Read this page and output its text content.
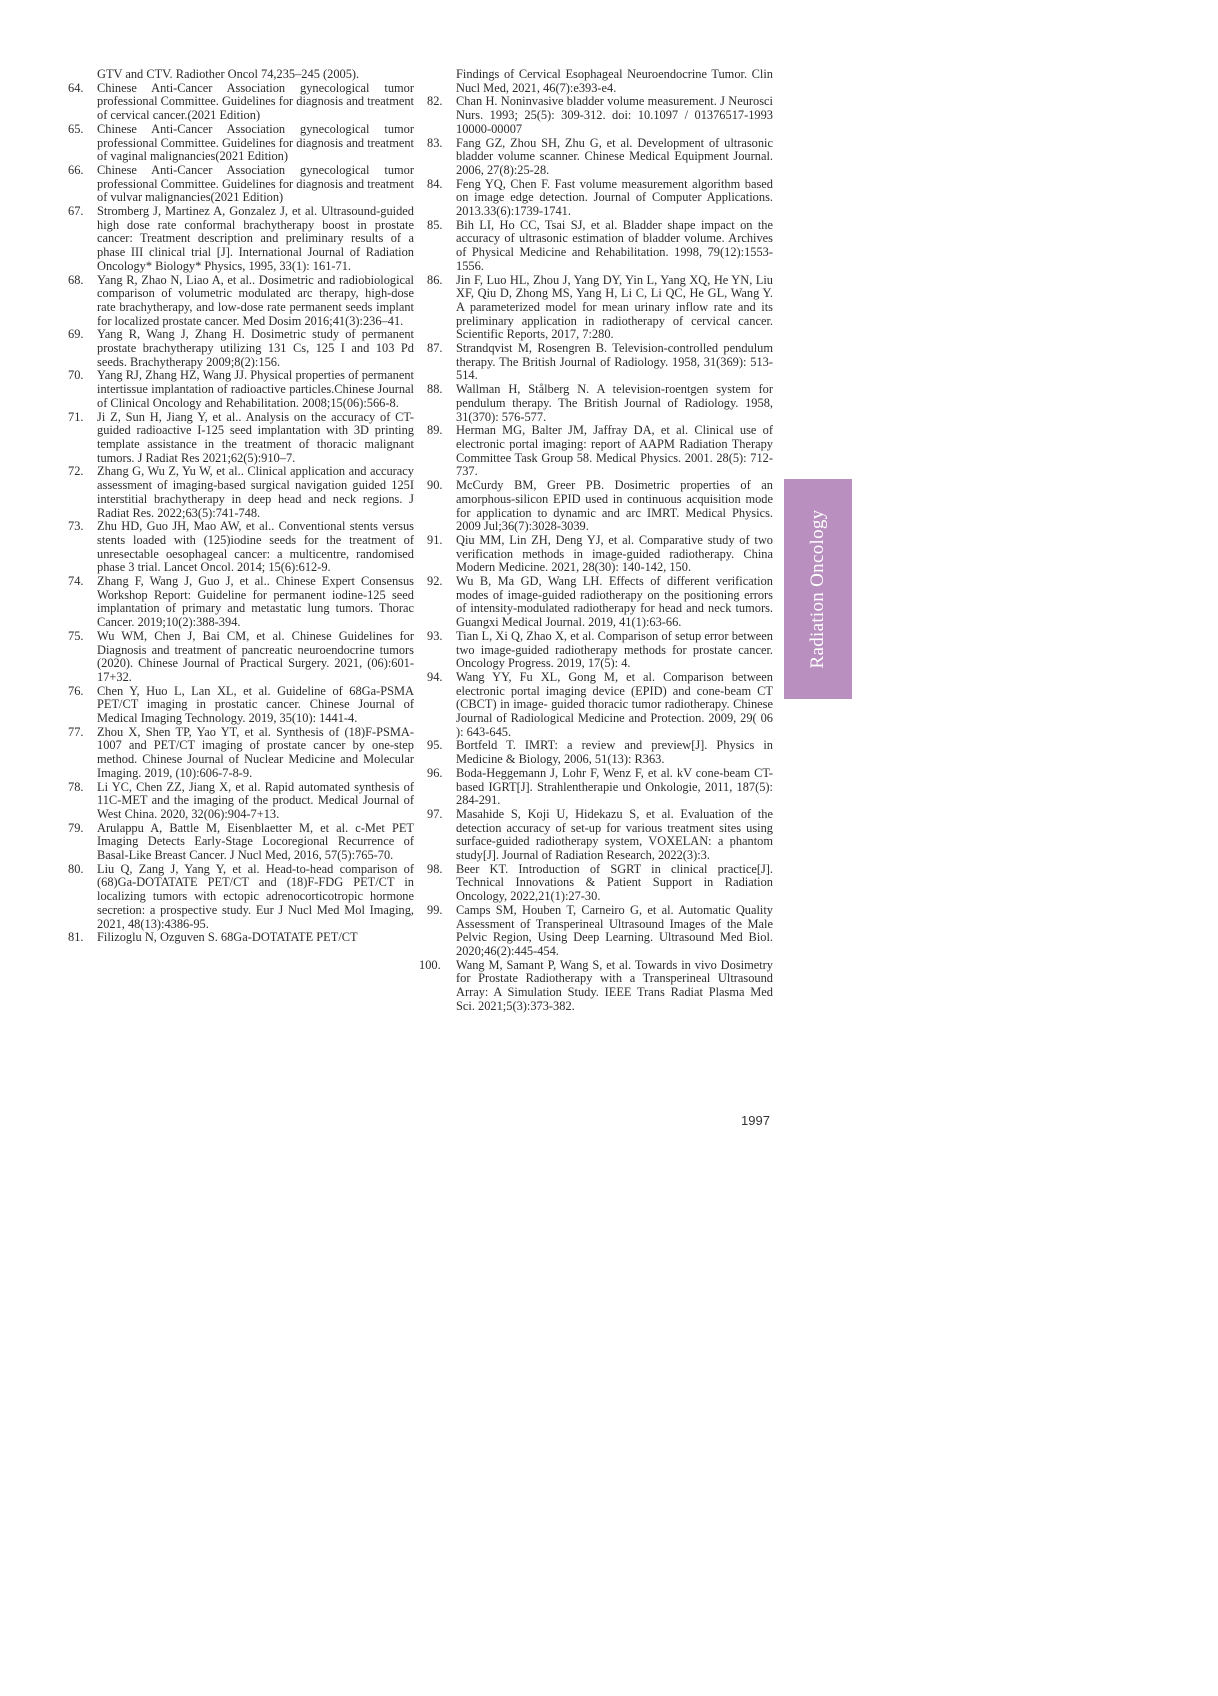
GTV and CTV. Radiother Oncol 74,235–245 (2005).
64.	Chinese Anti-Cancer Association gynecological tumor professional Committee. Guidelines for diagnosis and treatment of cervical cancer.(2021 Edition)
65.	Chinese Anti-Cancer Association gynecological tumor professional Committee. Guidelines for diagnosis and treatment of vaginal malignancies(2021 Edition)
66.	Chinese Anti-Cancer Association gynecological tumor professional Committee. Guidelines for diagnosis and treatment of vulvar malignancies(2021 Edition)
67.	Stromberg J, Martinez A, Gonzalez J, et al. Ultrasound-guided high dose rate conformal brachytherapy boost in prostate cancer: Treatment description and preliminary results of a phase III clinical trial [J]. International Journal of Radiation Oncology* Biology* Physics, 1995, 33(1): 161-71.
68.	Yang R, Zhao N, Liao A, et al.. Dosimetric and radiobiological comparison of volumetric modulated arc therapy, high-dose rate brachytherapy, and low-dose rate permanent seeds implant for localized prostate cancer. Med Dosim 2016;41(3):236–41.
69.	Yang R, Wang J, Zhang H. Dosimetric study of permanent prostate brachytherapy utilizing 131 Cs, 125 I and 103 Pd seeds. Brachytherapy 2009;8(2):156.
70.	Yang RJ, Zhang HZ, Wang JJ. Physical properties of permanent intertissue implantation of radioactive particles.Chinese Journal of Clinical Oncology and Rehabilitation. 2008;15(06):566-8.
71.	Ji Z, Sun H, Jiang Y, et al.. Analysis on the accuracy of CT-guided radioactive I-125 seed implantation with 3D printing template assistance in the treatment of thoracic malignant tumors. J Radiat Res 2021;62(5):910–7.
72.	Zhang G, Wu Z, Yu W, et al.. Clinical application and accuracy assessment of imaging-based surgical navigation guided 125I interstitial brachytherapy in deep head and neck regions. J Radiat Res. 2022;63(5):741-748.
73.	Zhu HD, Guo JH, Mao AW, et al.. Conventional stents versus stents loaded with (125)iodine seeds for the treatment of unresectable oesophageal cancer: a multicentre, randomised phase 3 trial. Lancet Oncol. 2014; 15(6):612-9.
74.	Zhang F, Wang J, Guo J, et al.. Chinese Expert Consensus Workshop Report: Guideline for permanent iodine-125 seed implantation of primary and metastatic lung tumors. Thorac Cancer. 2019;10(2):388-394.
75.	Wu WM, Chen J, Bai CM, et al. Chinese Guidelines for Diagnosis and treatment of pancreatic neuroendocrine tumors (2020). Chinese Journal of Practical Surgery. 2021, (06):601-17+32.
76.	Chen Y, Huo L, Lan XL, et al. Guideline of 68Ga-PSMA PET/CT imaging in prostatic cancer. Chinese Journal of Medical Imaging Technology. 2019, 35(10): 1441-4.
77.	Zhou X, Shen TP, Yao YT, et al. Synthesis of (18)F-PSMA-1007 and PET/CT imaging of prostate cancer by one-step method. Chinese Journal of Nuclear Medicine and Molecular Imaging. 2019, (10):606-7-8-9.
78.	Li YC, Chen ZZ, Jiang X, et al. Rapid automated synthesis of 11C-MET and the imaging of the product. Medical Journal of West China. 2020, 32(06):904-7+13.
79.	Arulappu A, Battle M, Eisenblaetter M, et al. c-Met PET Imaging Detects Early-Stage Locoregional Recurrence of Basal-Like Breast Cancer. J Nucl Med, 2016, 57(5):765-70.
80.	Liu Q, Zang J, Yang Y, et al. Head-to-head comparison of (68)Ga-DOTATATE PET/CT and (18)F-FDG PET/CT in localizing tumors with ectopic adrenocorticotropic hormone secretion: a prospective study. Eur J Nucl Med Mol Imaging, 2021, 48(13):4386-95.
81.	Filizoglu N, Ozguven S. 68Ga-DOTATATE PET/CT
Findings of Cervical Esophageal Neuroendocrine Tumor. Clin Nucl Med, 2021, 46(7):e393-e4.
82.	Chan H. Noninvasive bladder volume measurement. J Neurosci Nurs. 1993; 25(5): 309-312. doi: 10.1097 / 01376517-1993 10000-00007
83.	Fang GZ, Zhou SH, Zhu G, et al. Development of ultrasonic bladder volume scanner. Chinese Medical Equipment Journal. 2006, 27(8):25-28.
84.	Feng YQ, Chen F. Fast volume measurement algorithm based on image edge detection. Journal of Computer Applications. 2013.33(6):1739-1741.
85.	Bih LI, Ho CC, Tsai SJ, et al. Bladder shape impact on the accuracy of ultrasonic estimation of bladder volume. Archives of Physical Medicine and Rehabilitation. 1998, 79(12):1553-1556.
86.	Jin F, Luo HL, Zhou J, Yang DY, Yin L, Yang XQ, He YN, Liu XF, Qiu D, Zhong MS, Yang H, Li C, Li QC, He GL, Wang Y. A parameterized model for mean urinary inflow rate and its preliminary application in radiotherapy of cervical cancer. Scientific Reports, 2017, 7:280.
87.	Strandqvist M, Rosengren B. Television-controlled pendulum therapy. The British Journal of Radiology. 1958, 31(369): 513-514.
88.	Wallman H, Stålberg N. A television-roentgen system for pendulum therapy. The British Journal of Radiology. 1958, 31(370): 576-577.
89.	Herman MG, Balter JM, Jaffray DA, et al. Clinical use of electronic portal imaging: report of AAPM Radiation Therapy Committee Task Group 58. Medical Physics. 2001. 28(5): 712-737.
90.	McCurdy BM, Greer PB. Dosimetric properties of an amorphous-silicon EPID used in continuous acquisition mode for application to dynamic and arc IMRT. Medical Physics. 2009 Jul;36(7):3028-3039.
91.	Qiu MM, Lin ZH, Deng YJ, et al. Comparative study of two verification methods in image-guided radiotherapy. China Modern Medicine. 2021, 28(30): 140-142, 150.
92.	Wu B, Ma GD, Wang LH. Effects of different verification modes of image-guided radiotherapy on the positioning errors of intensity-modulated radiotherapy for head and neck tumors. Guangxi Medical Journal. 2019, 41(1):63-66.
93.	Tian L, Xi Q, Zhao X, et al. Comparison of setup error between two image-guided radiotherapy methods for prostate cancer. Oncology Progress. 2019, 17(5): 4.
94.	Wang YY, Fu XL, Gong M, et al. Comparison between electronic portal imaging device (EPID) and cone-beam CT (CBCT) in image- guided thoracic tumor radiotherapy. Chinese Journal of Radiological Medicine and Protection. 2009, 29( 06 ): 643-645.
95.	Bortfeld T. IMRT: a review and preview[J]. Physics in Medicine & Biology, 2006, 51(13): R363.
96.	Boda-Heggemann J, Lohr F, Wenz F, et al. kV cone-beam CT-based IGRT[J]. Strahlentherapie und Onkologie, 2011, 187(5): 284-291.
97.	Masahide S, Koji U, Hidekazu S, et al. Evaluation of the detection accuracy of set-up for various treatment sites using surface-guided radiotherapy system, VOXELAN: a phantom study[J]. Journal of Radiation Research, 2022(3):3.
98.	Beer KT. Introduction of SGRT in clinical practice[J]. Technical Innovations & Patient Support in Radiation Oncology, 2022,21(1):27-30.
99.	Camps SM, Houben T, Carneiro G, et al. Automatic Quality Assessment of Transperineal Ultrasound Images of the Male Pelvic Region, Using Deep Learning. Ultrasound Med Biol. 2020;46(2):445-454.
100.	Wang M, Samant P, Wang S, et al. Towards in vivo Dosimetry for Prostate Radiotherapy with a Transperineal Ultrasound Array: A Simulation Study. IEEE Trans Radiat Plasma Med Sci. 2021;5(3):373-382.
Radiation Oncology
1997
